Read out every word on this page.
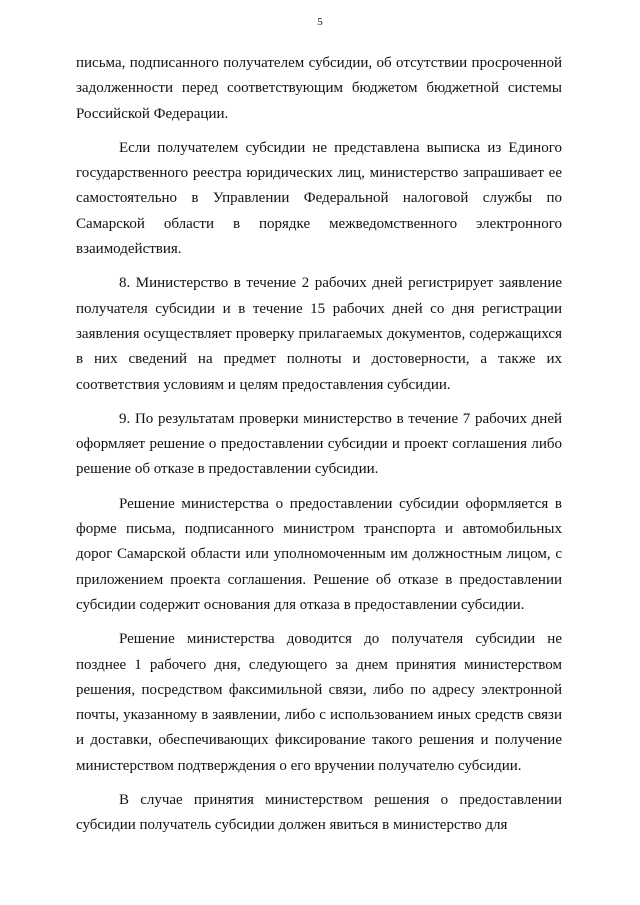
5

письма, подписанного получателем субсидии, об отсутствии просроченной задолженности перед соответствующим бюджетом бюджетной системы Российской Федерации.

Если получателем субсидии не представлена выписка из Единого государственного реестра юридических лиц, министерство запрашивает ее самостоятельно в Управлении Федеральной налоговой службы по Самарской области в порядке межведомственного электронного взаимодействия.

8. Министерство в течение 2 рабочих дней регистрирует заявление получателя субсидии и в течение 15 рабочих дней со дня регистрации заявления осуществляет проверку прилагаемых документов, содержащихся в них сведений на предмет полноты и достоверности, а также их соответствия условиям и целям предоставления субсидии.

9. По результатам проверки министерство в течение 7 рабочих дней оформляет решение о предоставлении субсидии и проект соглашения либо решение об отказе в предоставлении субсидии.

Решение министерства о предоставлении субсидии оформляется в форме письма, подписанного министром транспорта и автомобильных дорог Самарской области или уполномоченным им должностным лицом, с приложением проекта соглашения. Решение об отказе в предоставлении субсидии содержит основания для отказа в предоставлении субсидии.

Решение министерства доводится до получателя субсидии не позднее 1 рабочего дня, следующего за днем принятия министерством решения, посредством факсимильной связи, либо по адресу электронной почты, указанному в заявлении, либо с использованием иных средств связи и доставки, обеспечивающих фиксирование такого решения и получение министерством подтверждения о его вручении получателю субсидии.

В случае принятия министерством решения о предоставлении субсидии получатель субсидии должен явиться в министерство для
